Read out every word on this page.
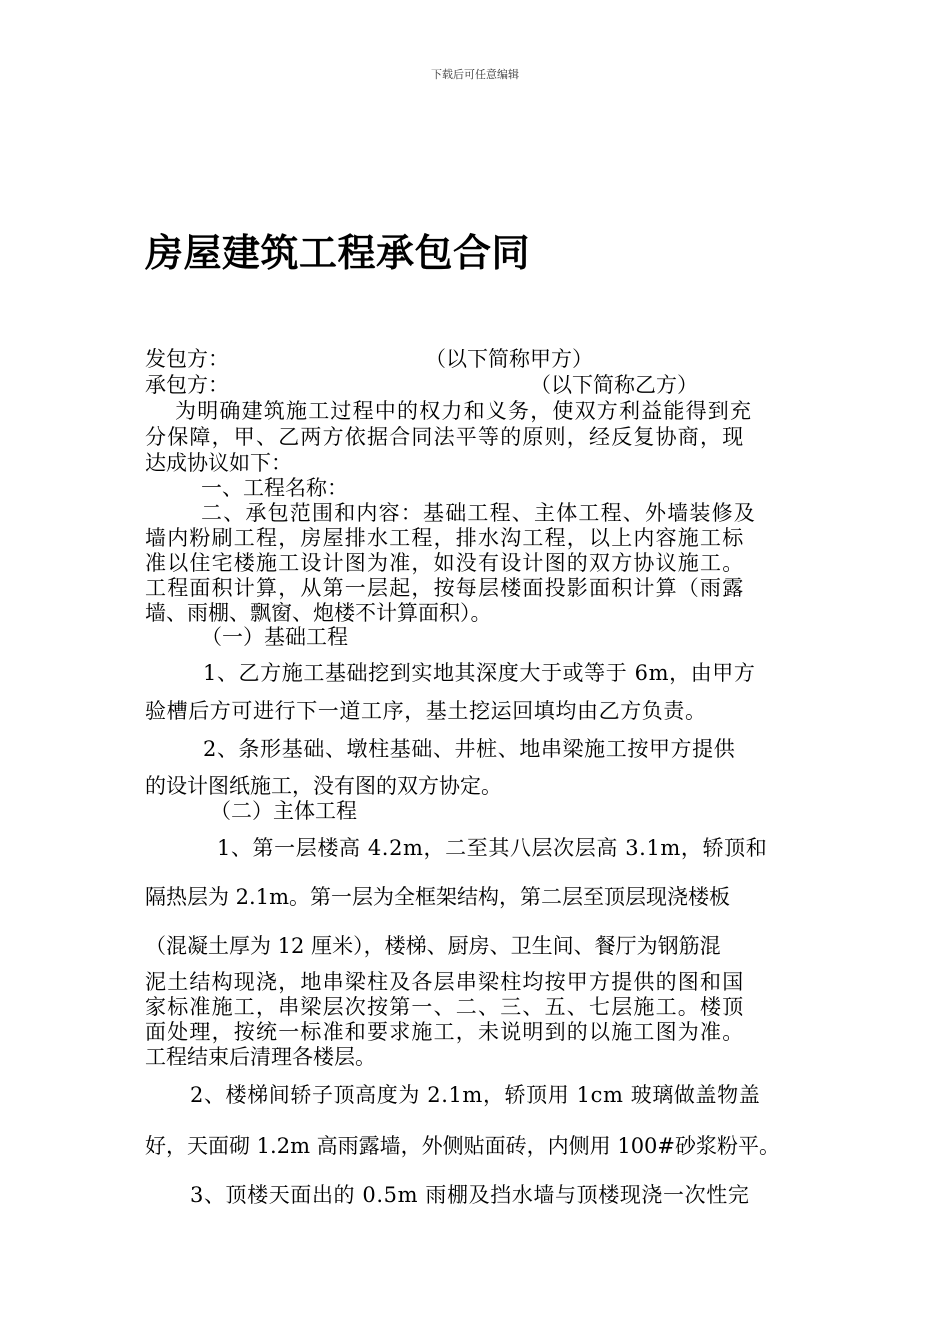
下载后可任意编辑
房屋建筑工程承包合同
发包方：	（以下简称甲方）
承包方：	（以下简称乙方）
为明确建筑施工过程中的权力和义务，使双方利益能得到充
分保障，甲、乙两方依据合同法平等的原则，经反复协商，现
达成协议如下：
一、工程名称：
二、承包范围和内容：基础工程、主体工程、外墙装修及
墙内粉刷工程，房屋排水工程，排水沟工程，以上内容施工标
准以住宅楼施工设计图为准，如没有设计图的双方协议施工。
工程面积计算，从第一层起，按每层楼面投影面积计算（雨露
墙、雨棚、飘窗、炮楼不计算面积）。
（一）基础工程
1、乙方施工基础挖到实地其深度大于或等于 6m，由甲方
验槽后方可进行下一道工序，基土挖运回填均由乙方负责。
2、条形基础、墩柱基础、井桩、地串梁施工按甲方提供
的设计图纸施工，没有图的双方协定。
（二）主体工程
1、第一层楼高 4.2m，二至其八层次层高 3.1m，轿顶和
隔热层为 2.1m。第一层为全框架结构，第二层至顶层现浇楼板
（混凝土厚为 12 厘米），楼梯、厨房、卫生间、餐厅为钢筋混
泥土结构现浇，地串梁柱及各层串梁柱均按甲方提供的图和国
家标准施工，串梁层次按第一、二、三、五、七层施工。楼顶
面处理，按统一标准和要求施工，未说明到的以施工图为准。
工程结束后清理各楼层。
2、楼梯间轿子顶高度为 2.1m，轿顶用 1cm 玻璃做盖物盖
好，天面砌 1.2m 高雨露墙，外侧贴面砖，内侧用 100#砂浆粉平。
3、顶楼天面出的 0.5m 雨棚及挡水墙与顶楼现浇一次性完
